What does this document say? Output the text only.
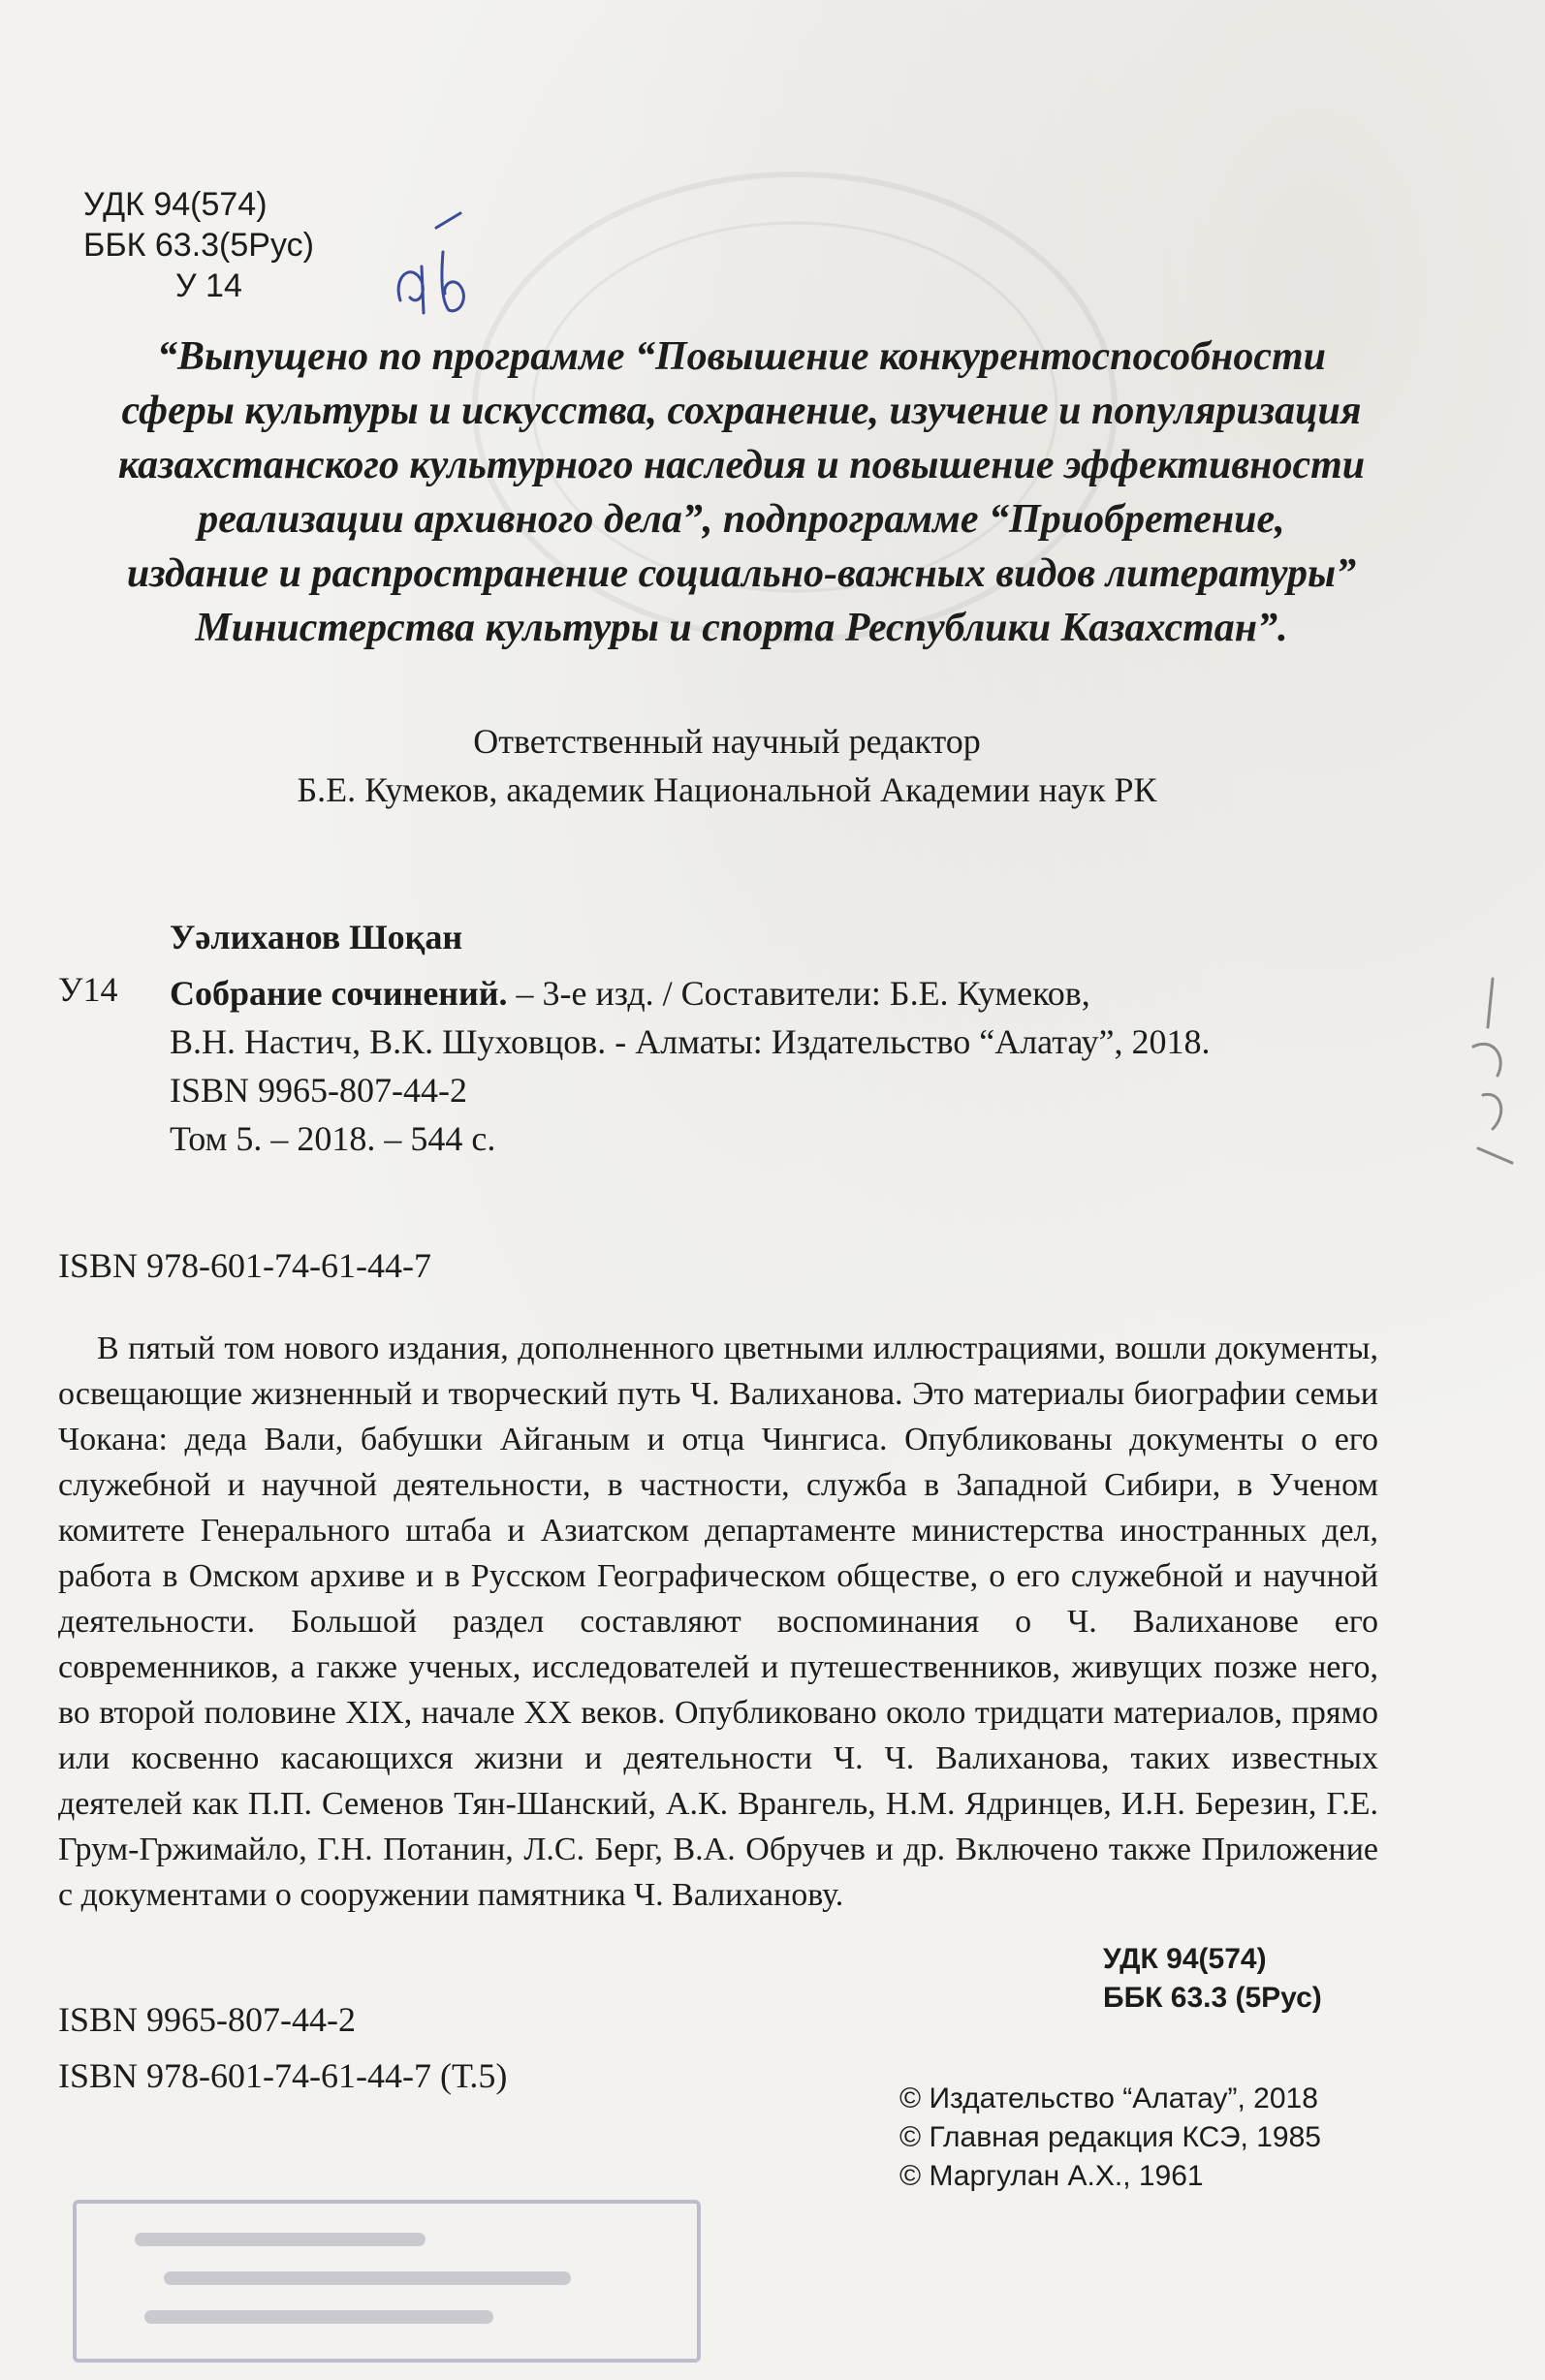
УДК 94(574)
ББК 63.3(5Рус)
У 14
“Выпущено по программе “Повышение конкурентоспособности
сферы культуры и искусства, сохранение, изучение и популяризация
казахстанского культурного наследия и повышение эффективности
реализации архивного дела”, подпрограмме “Приобретение,
издание и распространение социально-важных видов литературы”
Министерства культуры и спорта Республики Казахстан”.
Ответственный научный редактор
Б.Е. Кумеков, академик Национальной Академии наук РК
Уәлиханов Шоқан
У14 Собрание сочинений. – 3-е изд. / Составители: Б.Е. Кумеков,
В.Н. Настич, В.К. Шуховцов. - Алматы: Издательство “Алатау”, 2018.
ISBN 9965-807-44-2
Том 5. – 2018. – 544 с.
ISBN 978-601-74-61-44-7
В пятый том нового издания, дополненного цветными иллюстрациями, вошли документы, освещающие жизненный и творческий путь Ч. Валиханова. Это материалы биографии семьи Чокана: деда Вали, бабушки Айганым и отца Чингиса. Опубликованы документы о его служебной и научной деятельности, в частности, служба в Западной Сибири, в Ученом комитете Генерального штаба и Азиатском департаменте министерства иностранных дел, работа в Омском архиве и в Русском Географическом обществе, о его служебной и научной деятельности. Большой раздел составляют воспоминания о Ч. Валиханове его современников, а гакже ученых, исследователей и путешественников, живущих позже него, во второй половине XIX, начале XX веков. Опубликовано около тридцати материалов, прямо или косвенно касающихся жизни и деятельности Ч. Ч. Валиханова, таких известных деятелей как П.П. Семенов Тян-Шанский, А.К. Врангель, Н.М. Ядринцев, И.Н. Березин, Г.Е. Грум-Гржимайло, Г.Н. Потанин, Л.С. Берг, В.А. Обручев и др. Включено также Приложение с документами о сооружении памятника Ч. Валиханову.
УДК 94(574)
ББК 63.3 (5Рус)
ISBN 9965-807-44-2
ISBN 978-601-74-61-44-7 (Т.5)
© Издательство “Алатау”, 2018
© Главная редакция КСЭ, 1985
© Маргулан А.Х., 1961
